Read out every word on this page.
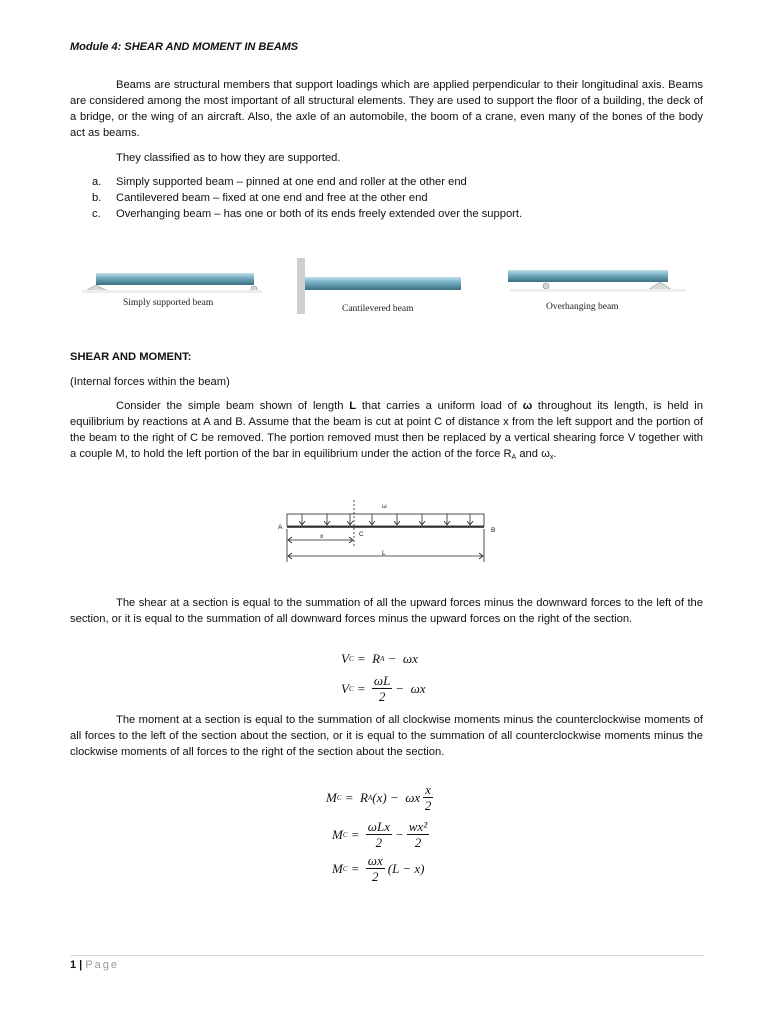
Module 4: SHEAR AND MOMENT IN BEAMS
Beams are structural members that support loadings which are applied perpendicular to their longitudinal axis. Beams are considered among the most important of all structural elements. They are used to support the floor of a building, the deck of a bridge, or the wing of an aircraft. Also, the axle of an automobile, the boom of a crane, even many of the bones of the body act as beams.
They classified as to how they are supported.
a. Simply supported beam – pinned at one end and roller at the other end
b. Cantilevered beam – fixed at one end and free at the other end
c. Overhanging beam – has one or both of its ends freely extended over the support.
Simply supported beam
Cantilevered beam	Overhanging beam
SHEAR AND MOMENT:
(Internal forces within the beam)
Consider the simple beam shown of length L that carries a uniform load of ω throughout its length, is held in equilibrium by reactions at A and B. Assume that the beam is cut at point C of distance x from the left support and the portion of the beam to the right of C be removed. The portion removed must then be replaced by a vertical shearing force V together with a couple M, to hold the left portion of the bar in equilibrium under the action of the force $R_A$ and $\omega_x$.
ω
A	B
x	C
L
The shear at a section is equal to the summation of all the upward forces minus the downward forces to the left of the section, or it is equal to the summation of all downward forces minus the upward forces on the right of the section.
V C =  R A −  ωx
V $C = \frac{\omega L}{2} - \omega x$
The moment at a section is equal to the summation of all clockwise moments minus the counterclockwise moments of all forces to the left of the section about the section, or it is equal to the summation of all counterclockwise moments minus the clockwise moments of all forces to the right of the section about the section.
M C =  R A (x) −  ωx $\frac{x}{2}$
M $C = \frac{\text{ωLx}}{2} - \frac{\text{wx²}}{2}$
M $C = \frac{\omega x}{2} (L - x)$
1 | Page
